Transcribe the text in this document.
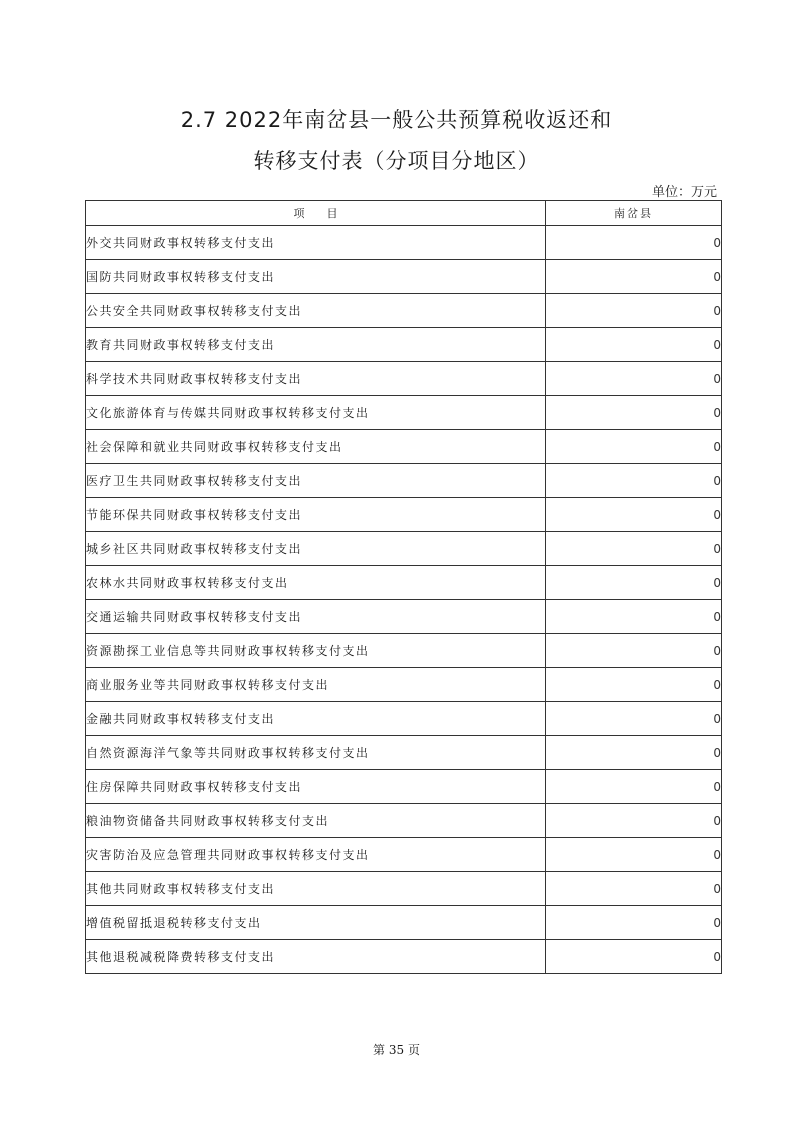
2.7 2022年南岔县一般公共预算税收返还和
转移支付表（分项目分地区）
单位：万元
项目	南岔县
外交共同财政事权转移支付支出	0
国防共同财政事权转移支付支出	0
公共安全共同财政事权转移支付支出	0
教育共同财政事权转移支付支出	0
科学技术共同财政事权转移支付支出	0
文化旅游体育与传媒共同财政事权转移支付支出	0
社会保障和就业共同财政事权转移支付支出	0
医疗卫生共同财政事权转移支付支出	0
节能环保共同财政事权转移支付支出	0
城乡社区共同财政事权转移支付支出	0
农林水共同财政事权转移支付支出	0
交通运输共同财政事权转移支付支出	0
资源勘探工业信息等共同财政事权转移支付支出	0
商业服务业等共同财政事权转移支付支出	0
金融共同财政事权转移支付支出	0
自然资源海洋气象等共同财政事权转移支付支出	0
住房保障共同财政事权转移支付支出	0
粮油物资储备共同财政事权转移支付支出	0
灾害防治及应急管理共同财政事权转移支付支出	0
其他共同财政事权转移支付支出	0
增值税留抵退税转移支付支出	0
其他退税减税降费转移支付支出	0
第 35 页
